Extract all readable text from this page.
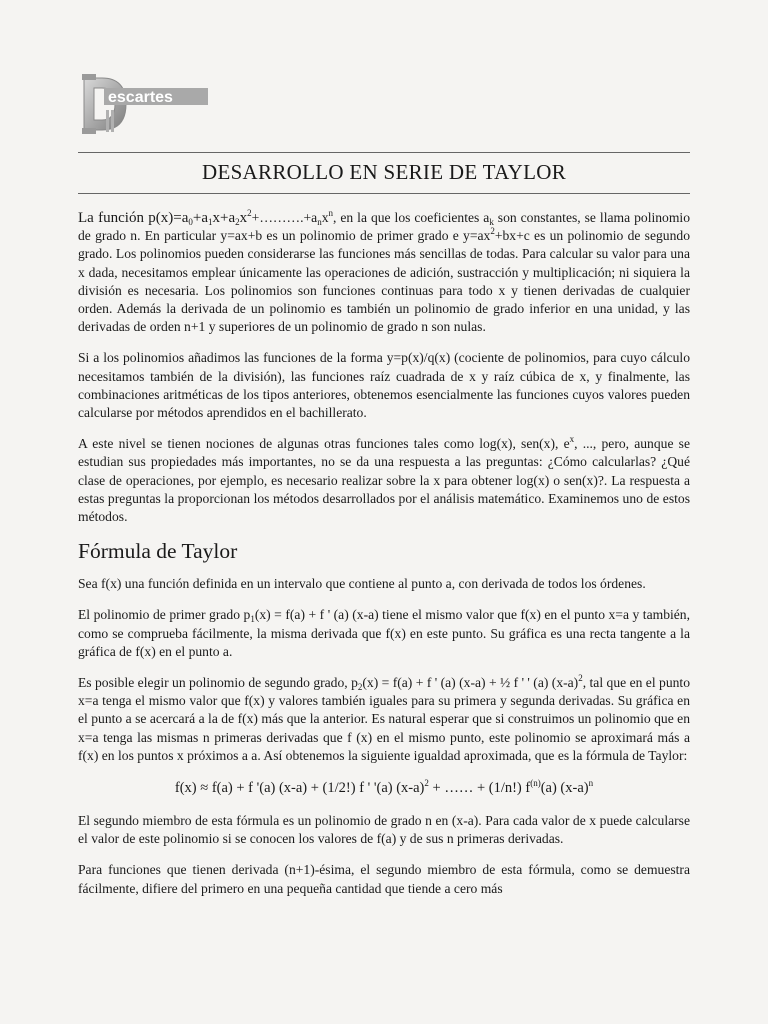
escartes
DESARROLLO EN SERIE DE TAYLOR

La función $p(x)=a_0+a_1x+a_2x^2+\dots\dots\dots.+a_nx^n$, en la que los coeficientes $a_k$ son constantes, se llama polinomio de grado n. En particular y=ax+b es un polinomio de primer grado e $y=ax^2+bx+c$ es un polinomio de segundo grado. Los polinomios pueden considerarse las funciones más sencillas de todas. Para calcular su valor para una x dada, necesitamos emplear únicamente las operaciones de adición, sustracción y multiplicación; ni siquiera la división es necesaria. Los polinomios son funciones continuas para todo x y tienen derivadas de cualquier orden. Además la derivada de un polinomio es también un polinomio de grado inferior en una unidad, y las derivadas de orden n+1 y superiores de un polinomio de grado n son nulas.

Si a los polinomios añadimos las funciones de la forma y=p(x)/q(x) (cociente de polinomios, para cuyo cálculo necesitamos también de la división), las funciones raíz cuadrada de x y raíz cúbica de x, y finalmente, las combinaciones aritméticas de los tipos anteriores, obtenemos esencialmente las funciones cuyos valores pueden calcularse por métodos aprendidos en el bachillerato.

A este nivel se tienen nociones de algunas otras funciones tales como log(x), sen(x), $e^x$, ..., pero, aunque se estudian sus propiedades más importantes, no se da una respuesta a las preguntas: ¿Cómo calcularlas? ¿Qué clase de operaciones, por ejemplo, es necesario realizar sobre la x para obtener log(x) o sen(x)?. La respuesta a estas preguntas la proporcionan los métodos desarrollados por el análisis matemático. Examinemos uno de estos métodos.

Fórmula de Taylor

Sea f(x) una función definida en un intervalo que contiene al punto a, con derivada de todos los órdenes.

El polinomio de primer grado $p_1(x) = f(a) + f$ ' (a) (x-a) tiene el mismo valor que f(x) en el punto x=a y también, como se comprueba fácilmente, la misma derivada que f(x) en este punto. Su gráfica es una recta tangente a la gráfica de f(x) en el punto a.

Es posible elegir un polinomio de segundo grado, $p_2(x) = f(a) + f$ ' (a) (x-a) + ½ f ' ' (a) $(x-a)^2$, tal que en el punto x=a tenga el mismo valor que f(x) y valores también iguales para su primera y segunda derivadas. Su gráfica en el punto a se acercará a la de f(x) más que la anterior. Es natural esperar que si construimos un polinomio que en x=a tenga las mismas n primeras derivadas que f (x) en el mismo punto, este polinomio se aproximará más a f(x) en los puntos x próximos a a. Así obtenemos la siguiente igualdad aproximada, que es la fórmula de Taylor:

f(x) ≈ f(a) + f '(a) (x-a) + (1/2!) f ' '(a) $(x-a)^2$ + …… + (1/n!) $f^{(n)}(a)$ $(x-a)^n$

El segundo miembro de esta fórmula es un polinomio de grado n en (x-a). Para cada valor de x puede calcularse el valor de este polinomio si se conocen los valores de f(a) y de sus n primeras derivadas.

Para funciones que tienen derivada (n+1)-ésima, el segundo miembro de esta fórmula, como se demuestra fácilmente, difiere del primero en una pequeña cantidad que tiende a cero más
